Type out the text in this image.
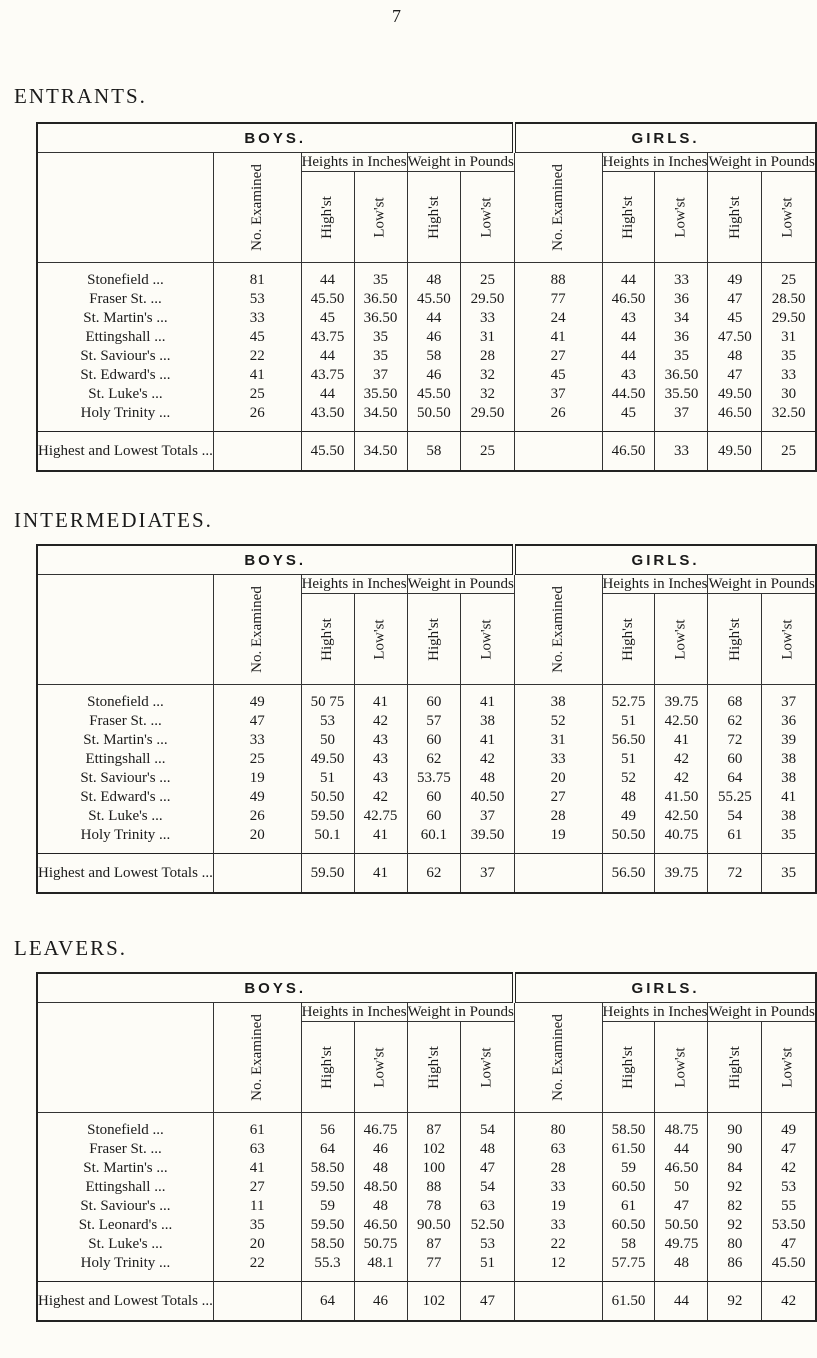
7
ENTRANTS.
BOYS.						GIRLS.				
	No. Examined	Heights in Inches		Weight in Pounds		No. Examined	Heights in Inches		Weight in Pounds	
		High'st	Low'st	High'st	Low'st		High'st	Low'st	High'st	Low'st
Stonefield ...	81	44	35	48	25	88	44	33	49	25
Fraser St. ...	53	45.50	36.50	45.50	29.50	77	46.50	36	47	28.50
St. Martin's ...	33	45	36.50	44	33	24	43	34	45	29.50
Ettingshall ...	45	43.75	35	46	31	41	44	36	47.50	31
St. Saviour's ...	22	44	35	58	28	27	44	35	48	35
St. Edward's ...	41	43.75	37	46	32	45	43	36.50	47	33
St. Luke's ...	25	44	35.50	45.50	32	37	44.50	35.50	49.50	30
Holy Trinity ...	26	43.50	34.50	50.50	29.50	26	45	37	46.50	32.50
Highest and Lowest Totals ...		45.50	34.50	58	25		46.50	33	49.50	25
INTERMEDIATES.
BOYS.						GIRLS.				
	No. Examined	Heights in Inches		Weight in Pounds		No. Examined	Heights in Inches		Weight in Pounds	
		High'st	Low'st	High'st	Low'st		High'st	Low'st	High'st	Low'st
Stonefield ...	49	50 75	41	60	41	38	52.75	39.75	68	37
Fraser St. ...	47	53	42	57	38	52	51	42.50	62	36
St. Martin's ...	33	50	43	60	41	31	56.50	41	72	39
Ettingshall ...	25	49.50	43	62	42	33	51	42	60	38
St. Saviour's ...	19	51	43	53.75	48	20	52	42	64	38
St. Edward's ...	49	50.50	42	60	40.50	27	48	41.50	55.25	41
St. Luke's ...	26	59.50	42.75	60	37	28	49	42.50	54	38
Holy Trinity ...	20	50.1	41	60.1	39.50	19	50.50	40.75	61	35
Highest and Lowest Totals ...		59.50	41	62	37		56.50	39.75	72	35
LEAVERS.
BOYS.						GIRLS.				
	No. Examined	Heights in Inches		Weight in Pounds		No. Examined	Heights in Inches		Weight in Pounds	
		High'st	Low'st	High'st	Low'st		High'st	Low'st	High'st	Low'st
Stonefield ...	61	56	46.75	87	54	80	58.50	48.75	90	49
Fraser St. ...	63	64	46	102	48	63	61.50	44	90	47
St. Martin's ...	41	58.50	48	100	47	28	59	46.50	84	42
Ettingshall ...	27	59.50	48.50	88	54	33	60.50	50	92	53
St. Saviour's ...	11	59	48	78	63	19	61	47	82	55
St. Leonard's ...	35	59.50	46.50	90.50	52.50	33	60.50	50.50	92	53.50
St. Luke's ...	20	58.50	50.75	87	53	22	58	49.75	80	47
Holy Trinity ...	22	55.3	48.1	77	51	12	57.75	48	86	45.50
Highest and Lowest Totals ...		64	46	102	47		61.50	44	92	42
